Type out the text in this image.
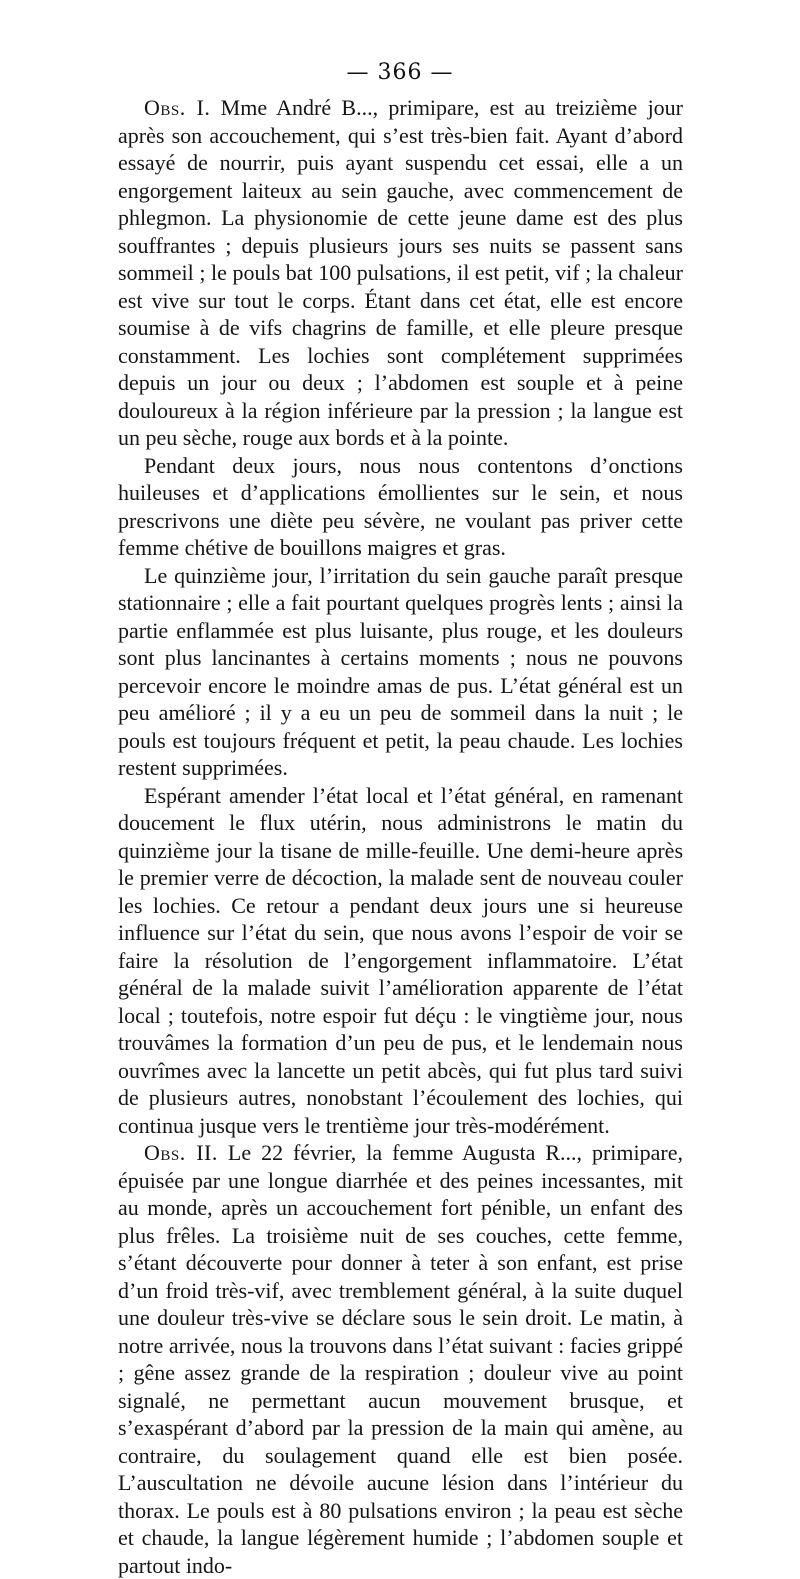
— 366 —

Obs. I. Mme André B..., primipare, est au treizième jour après son accouchement, qui s’est très-bien fait. Ayant d’abord essayé de nourrir, puis ayant suspendu cet essai, elle a un engorgement laiteux au sein gauche, avec commencement de phlegmon. La physionomie de cette jeune dame est des plus souffrantes ; depuis plusieurs jours ses nuits se passent sans sommeil ; le pouls bat 100 pulsations, il est petit, vif ; la chaleur est vive sur tout le corps. Étant dans cet état, elle est encore soumise à de vifs chagrins de famille, et elle pleure presque constamment. Les lochies sont complétement supprimées depuis un jour ou deux ; l’abdomen est souple et à peine douloureux à la région inférieure par la pression ; la langue est un peu sèche, rouge aux bords et à la pointe.

Pendant deux jours, nous nous contentons d’onctions huileuses et d’applications émollientes sur le sein, et nous prescrivons une diète peu sévère, ne voulant pas priver cette femme chétive de bouillons maigres et gras.

Le quinzième jour, l’irritation du sein gauche paraît presque stationnaire ; elle a fait pourtant quelques progrès lents ; ainsi la partie enflammée est plus luisante, plus rouge, et les douleurs sont plus lancinantes à certains moments ; nous ne pouvons percevoir encore le moindre amas de pus. L’état général est un peu amélioré ; il y a eu un peu de sommeil dans la nuit ; le pouls est toujours fréquent et petit, la peau chaude. Les lochies restent supprimées.

Espérant amender l’état local et l’état général, en ramenant doucement le flux utérin, nous administrons le matin du quinzième jour la tisane de mille-feuille. Une demi-heure après le premier verre de décoction, la malade sent de nouveau couler les lochies. Ce retour a pendant deux jours une si heureuse influence sur l’état du sein, que nous avons l’espoir de voir se faire la résolution de l’engorgement inflammatoire. L’état général de la malade suivit l’amélioration apparente de l’état local ; toutefois, notre espoir fut déçu : le vingtième jour, nous trouvâmes la formation d’un peu de pus, et le lendemain nous ouvrîmes avec la lancette un petit abcès, qui fut plus tard suivi de plusieurs autres, nonobstant l’écoulement des lochies, qui continua jusque vers le trentième jour très-modérément.

Obs. II. Le 22 février, la femme Augusta R..., primipare, épuisée par une longue diarrhée et des peines incessantes, mit au monde, après un accouchement fort pénible, un enfant des plus frêles. La troisième nuit de ses couches, cette femme, s’étant découverte pour donner à teter à son enfant, est prise d’un froid très-vif, avec tremblement général, à la suite duquel une douleur très-vive se déclare sous le sein droit. Le matin, à notre arrivée, nous la trouvons dans l’état suivant : facies grippé ; gêne assez grande de la respiration ; douleur vive au point signalé, ne permettant aucun mouvement brusque, et s’exaspérant d’abord par la pression de la main qui amène, au contraire, du soulagement quand elle est bien posée. L’auscultation ne dévoile aucune lésion dans l’intérieur du thorax. Le pouls est à 80 pulsations environ ; la peau est sèche et chaude, la langue légèrement humide ; l’abdomen souple et partout indo-
